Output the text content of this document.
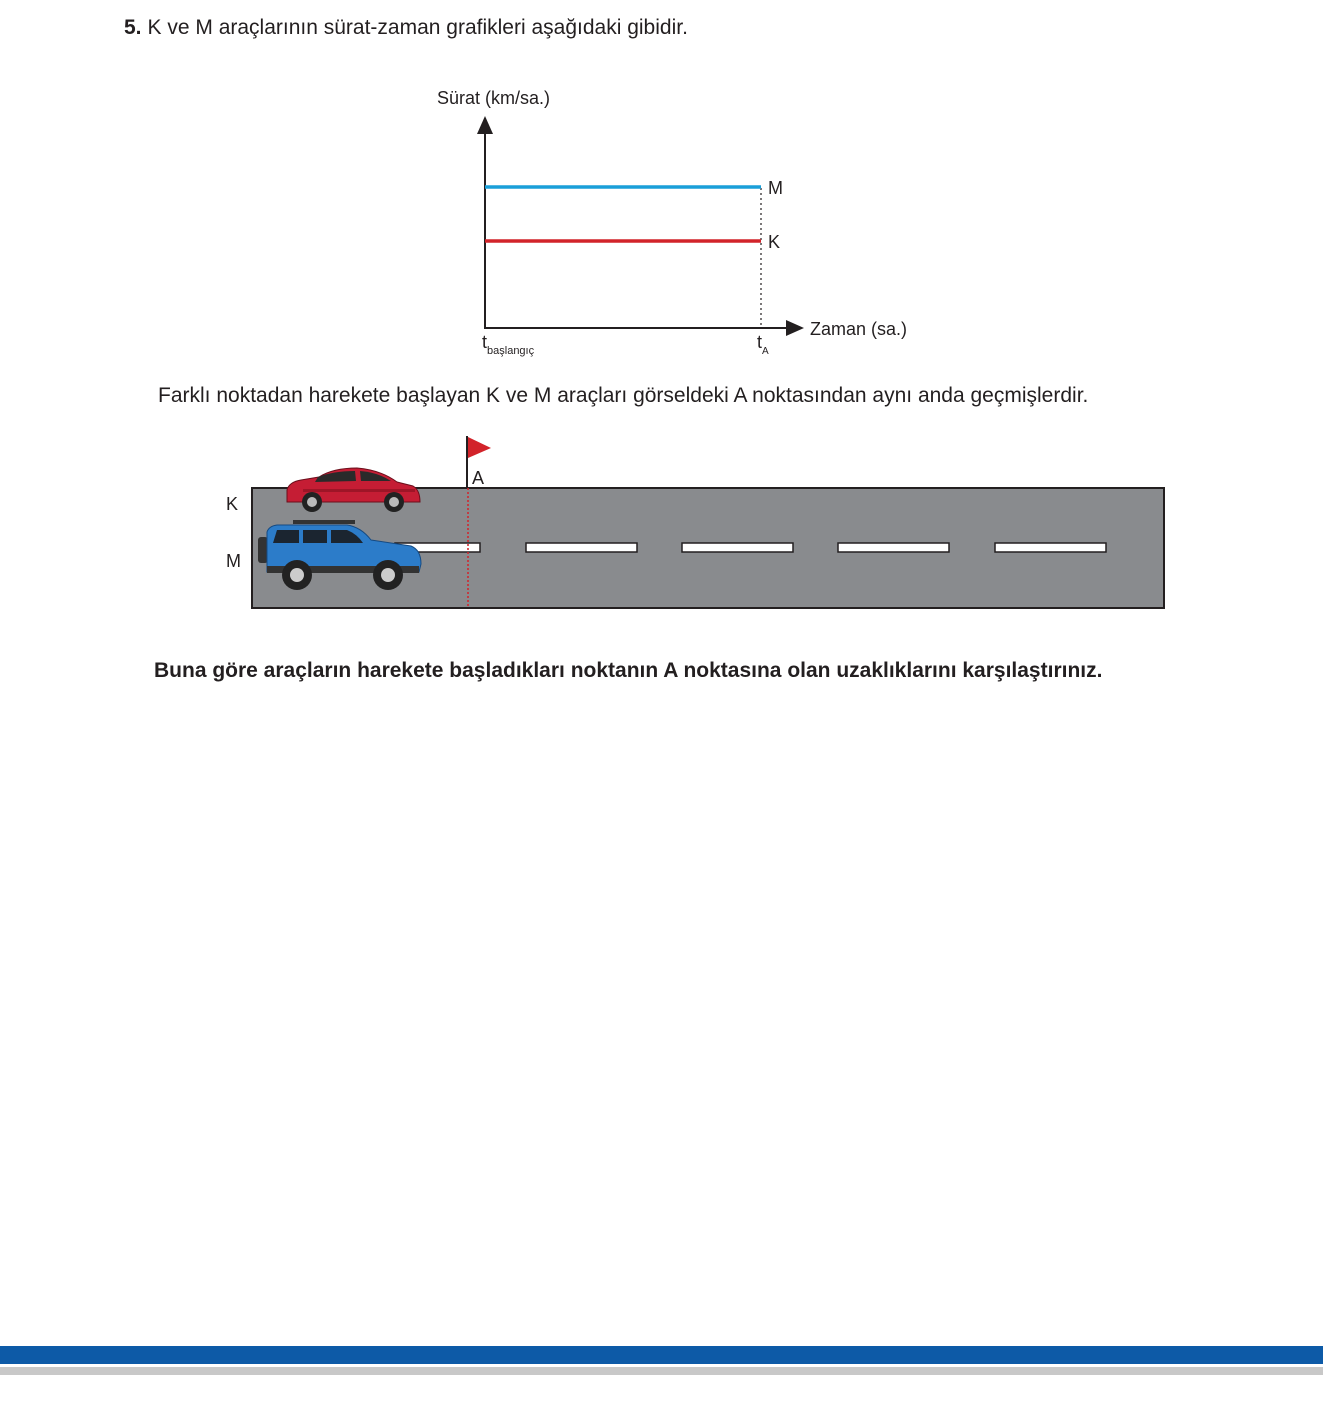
5. K ve M araçlarının sürat-zaman grafikleri aşağıdaki gibidir.
Sürat (km/sa.)
Zaman (sa.)
M
K
$t_{başlangıç}$	$t_A$
Farklı noktadan harekete başlayan K ve M araçları görseldeki A noktasından aynı anda geçmişlerdir.
A
K
M
Buna göre araçların harekete başladıkları noktanın A noktasına olan uzaklıklarını karşılaştırınız.
